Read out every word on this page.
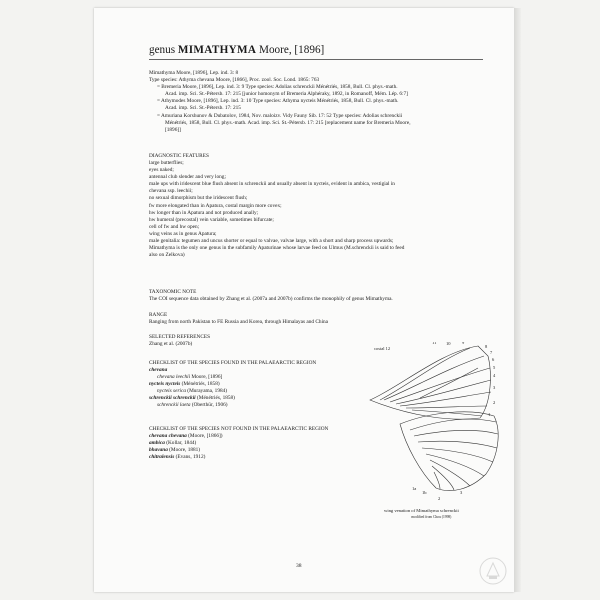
genus MIMATHYMA Moore, [1896]
Mimathyma Moore, [1896], Lep. ind. 3: 8
Type species: Athyma chevana Moore, [1866], Proc. zool. Soc. Lond. 1865: 763
= Bremeria Moore, [1896], Lep. ind. 3: 9 Type species: Adolias schrenckii Ménétriés, 1858, Bull. Cl. phys.-math.
Acad. imp. Sci. St.-Pétersb. 17: 215 [junior homonym of Bremeria Alphéraky, 1892, in Romanoff, Mém. Lép. 6:7]
= Athymodes Moore, [1896], Lep. ind. 3: 10 Type species: Athyma nycteis Ménétriés, 1858, Bull. Cl. phys.-math.
Acad. imp. Sci. St.-Pétersb. 17: 215
= Amuriana Korshunov & Dubatolov, 1984, Nov. maloizv. Vidy Fauny Sib. 17: 52 Type species: Adolias schrenckii
Ménétriés, 1858, Bull. Cl. phys.-math. Acad. imp. Sci. St.-Pétersb. 17: 215 [replacement name for Bremeria Moore,
[1896]]
DIAGNOSTIC FEATURES
large butterflies;
eyes naked;
antennal club slender and very long;
male ups with iridescent blue flush absent in schrenckii and usually absent in nycteis, evident in ambica, vestigial in
chevana ssp. leechii;
no sexual dimorphism but the iridescent flush;
fw more elongated than in Apatura, costal margin more covex;
hw longer than in Apatura and not produced anally;
hw humeral (precostal) vein variable, sometimes bifurcate;
cell of fw and hw open;
wing veins as in genus Apatura;
male genitalia: tegumen and uncus shorter or equal to valvae, valvae large, with a short and sharp process upwards;
Mimathyma is the only one genus in the subfamily Apaturinae whose larvae feed on Ulmus (M.schrenckii is said to feed
also on Zelkova)
TAXONOMIC NOTE
The COI sequence data obtained by Zhang et al. (2007a and 2007b) confirms the monophily of genus Mimathyma.
RANGE
Ranging from north Pakistan to FE Russia and Korea, through Himalayas and China
SELECTED REFERENCES
Zhang et al. (2007b)
CHECKLIST OF THE SPECIES FOUND IN THE PALAEARCTIC REGION
chevana
chevana leechii Moore, [1896]
nycteis nycteis (Ménétriés, 1858)
nycteis serica (Murayama, 1984)
schrenckii schrenckii (Ménétriés, 1858)
schrenckii laeta (Oberthür, 1906)
CHECKLIST OF THE SPECIES NOT FOUND IN THE PALAEARCTIC REGION
chevana chevana (Moore, [1866])
ambica (Kollar, 1844)
bhavana (Moore, 1881)
chitralensis (Evans, 1912)
10	9
8
7
6
5
4
3
2
1
costal 12
11
1a
1b
2
3
wing venation of Mimathyma schrenckii
modified from Chou (1998)
38
